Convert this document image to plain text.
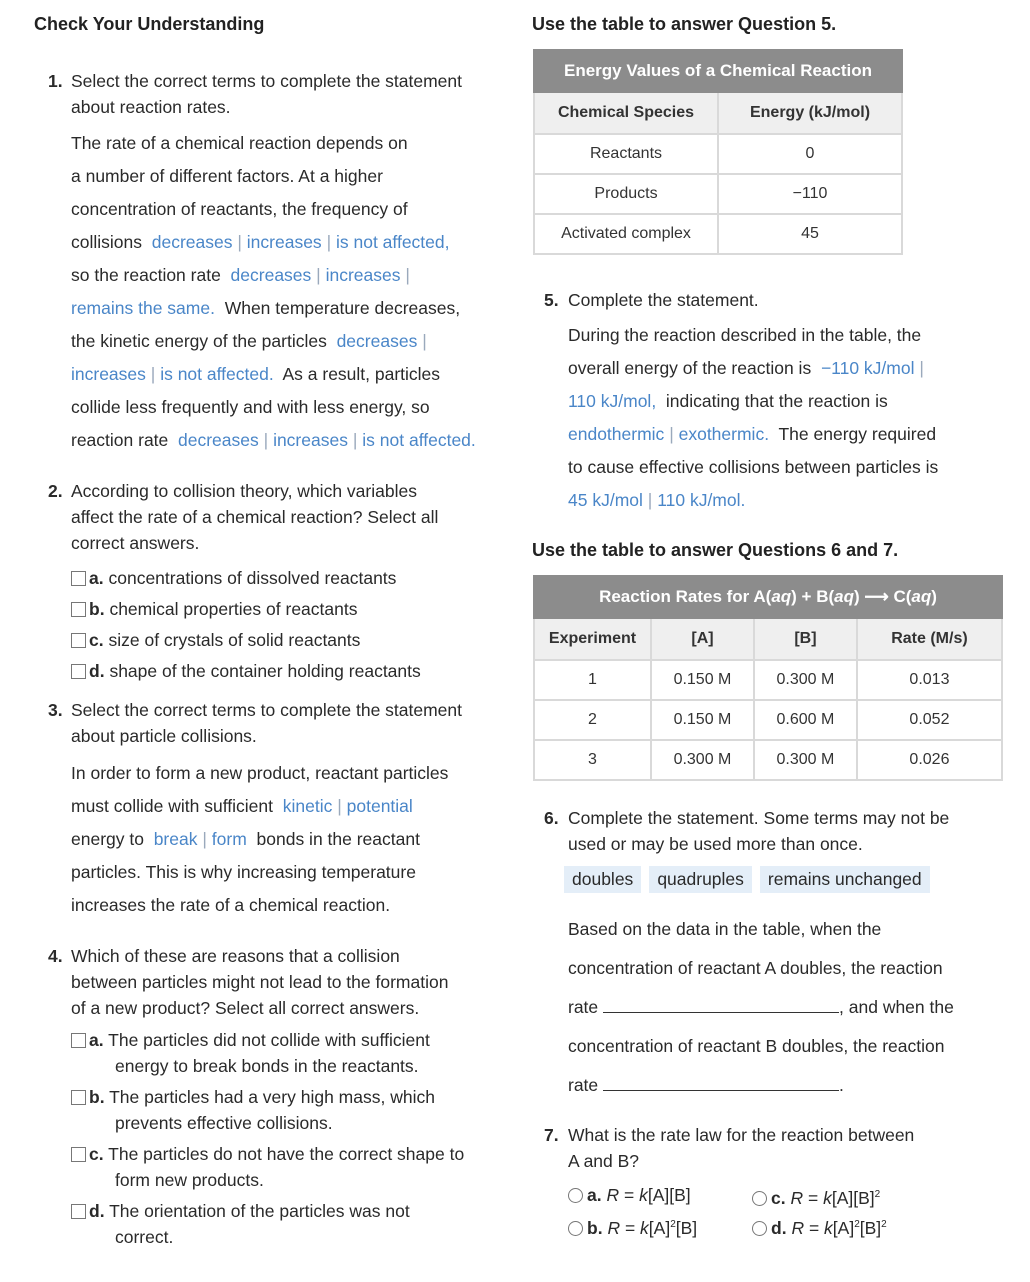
Check Your Understanding
1. Select the correct terms to complete the statement
about reaction rates.
The rate of a chemical reaction depends on
a number of different factors. At a higher
concentration of reactants, the frequency of
collisions decreases | increases | is not affected,
so the reaction rate decreases | increases |
remains the same. When temperature decreases,
the kinetic energy of the particles decreases |
increases | is not affected. As a result, particles
collide less frequently and with less energy, so
reaction rate decreases | increases | is not affected.
2. According to collision theory, which variables
affect the rate of a chemical reaction? Select all
correct answers.
a. concentrations of dissolved reactants
b. chemical properties of reactants
c. size of crystals of solid reactants
d. shape of the container holding reactants
3. Select the correct terms to complete the statement
about particle collisions.
In order to form a new product, reactant particles
must collide with sufficient kinetic | potential
energy to break | form bonds in the reactant
particles. This is why increasing temperature
increases the rate of a chemical reaction.
4. Which of these are reasons that a collision
between particles might not lead to the formation
of a new product? Select all correct answers.
a. The particles did not collide with sufficient
energy to break bonds in the reactants.
b. The particles had a very high mass, which
prevents effective collisions.
c. The particles do not have the correct shape to
form new products.
d. The orientation of the particles was not
correct.
Use the table to answer Question 5.
Energy Values of a Chemical Reaction	
Chemical Species	Energy (kJ/mol)
Reactants	0
Products	−110
Activated complex	45
5. Complete the statement.
During the reaction described in the table, the
overall energy of the reaction is −110 kJ/mol |
110 kJ/mol, indicating that the reaction is
endothermic | exothermic. The energy required
to cause effective collisions between particles is
45 kJ/mol | 110 kJ/mol.
Use the table to answer Questions 6 and 7.
Reaction Rates for A(aq) + B(aq) ⟶ C(aq)			
Experiment	[A]	[B]	Rate (M/s)
1	0.150 M	0.300 M	0.013
2	0.150 M	0.600 M	0.052
3	0.300 M	0.300 M	0.026
6. Complete the statement. Some terms may not be
used or may be used more than once.
doubles quadruples remains unchanged
Based on the data in the table, when the
concentration of reactant A doubles, the reaction
rate	, and when the
concentration of reactant B doubles, the reaction
rate	.
7. What is the rate law for the reaction between
A and B?
a. R = k[A][B]
b. $R = k[A]^2[B]$
c. $R = k[A][B]^2$
d. $R = k[A]^2[B]^2$
